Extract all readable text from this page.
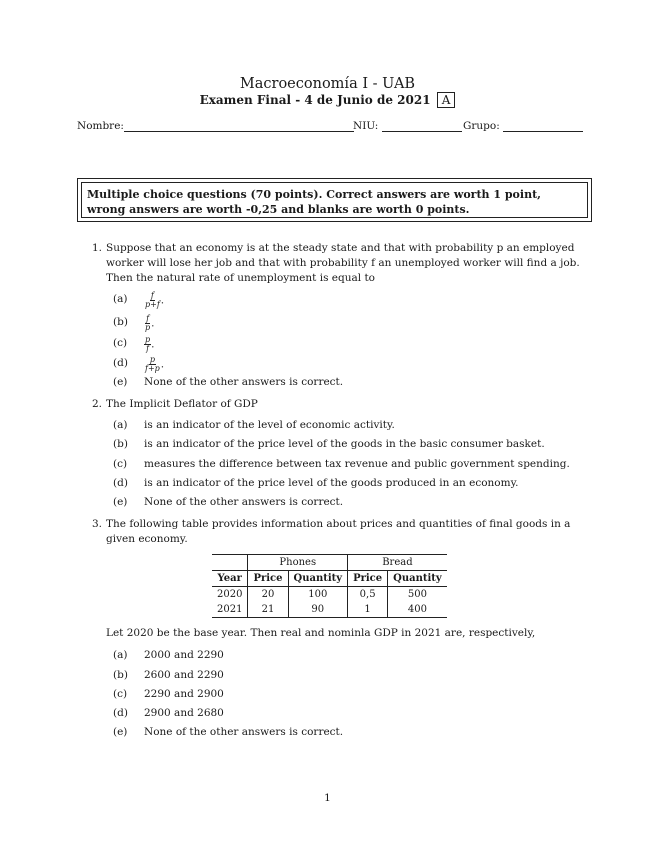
Macroeconomía I - UAB
Examen Final - 4 de Junio de 2021 A
Nombre:	NIU:	Grupo:
Multiple choice questions (70 points). Correct answers are worth 1 point, wrong answers are worth -0,25 and blanks are worth 0 points.
1. Suppose that an economy is at the steady state and that with probability p an employed worker will lose her job and that with probability f an unemployed worker will find a job. Then the natural rate of unemployment is equal to
$(a) \frac{f}{p+f}$ .
$(b) \frac{f}{p}$ .
$(c) \frac{p}{f}$ .
$(d) \frac{p}{f+p}$ .
(e) None of the other answers is correct.
2. The Implicit Deflator of GDP
(a) is an indicator of the level of economic activity.
(b) is an indicator of the price level of the goods in the basic consumer basket.
(c) measures the difference between tax revenue and public government spending.
(d) is an indicator of the price level of the goods produced in an economy.
(e) None of the other answers is correct.
3. The following table provides information about prices and quantities of final goods in a given economy.
	Phones		Bread	
Year	Price	Quantity	Price	Quantity
2020	20	100	0,5	500
2021	21	90	1	400
Let 2020 be the base year. Then real and nominla GDP in 2021 are, respectively,
(a) 2000 and 2290
(b) 2600 and 2290
(c) 2290 and 2900
(d) 2900 and 2680
(e) None of the other answers is correct.
1
